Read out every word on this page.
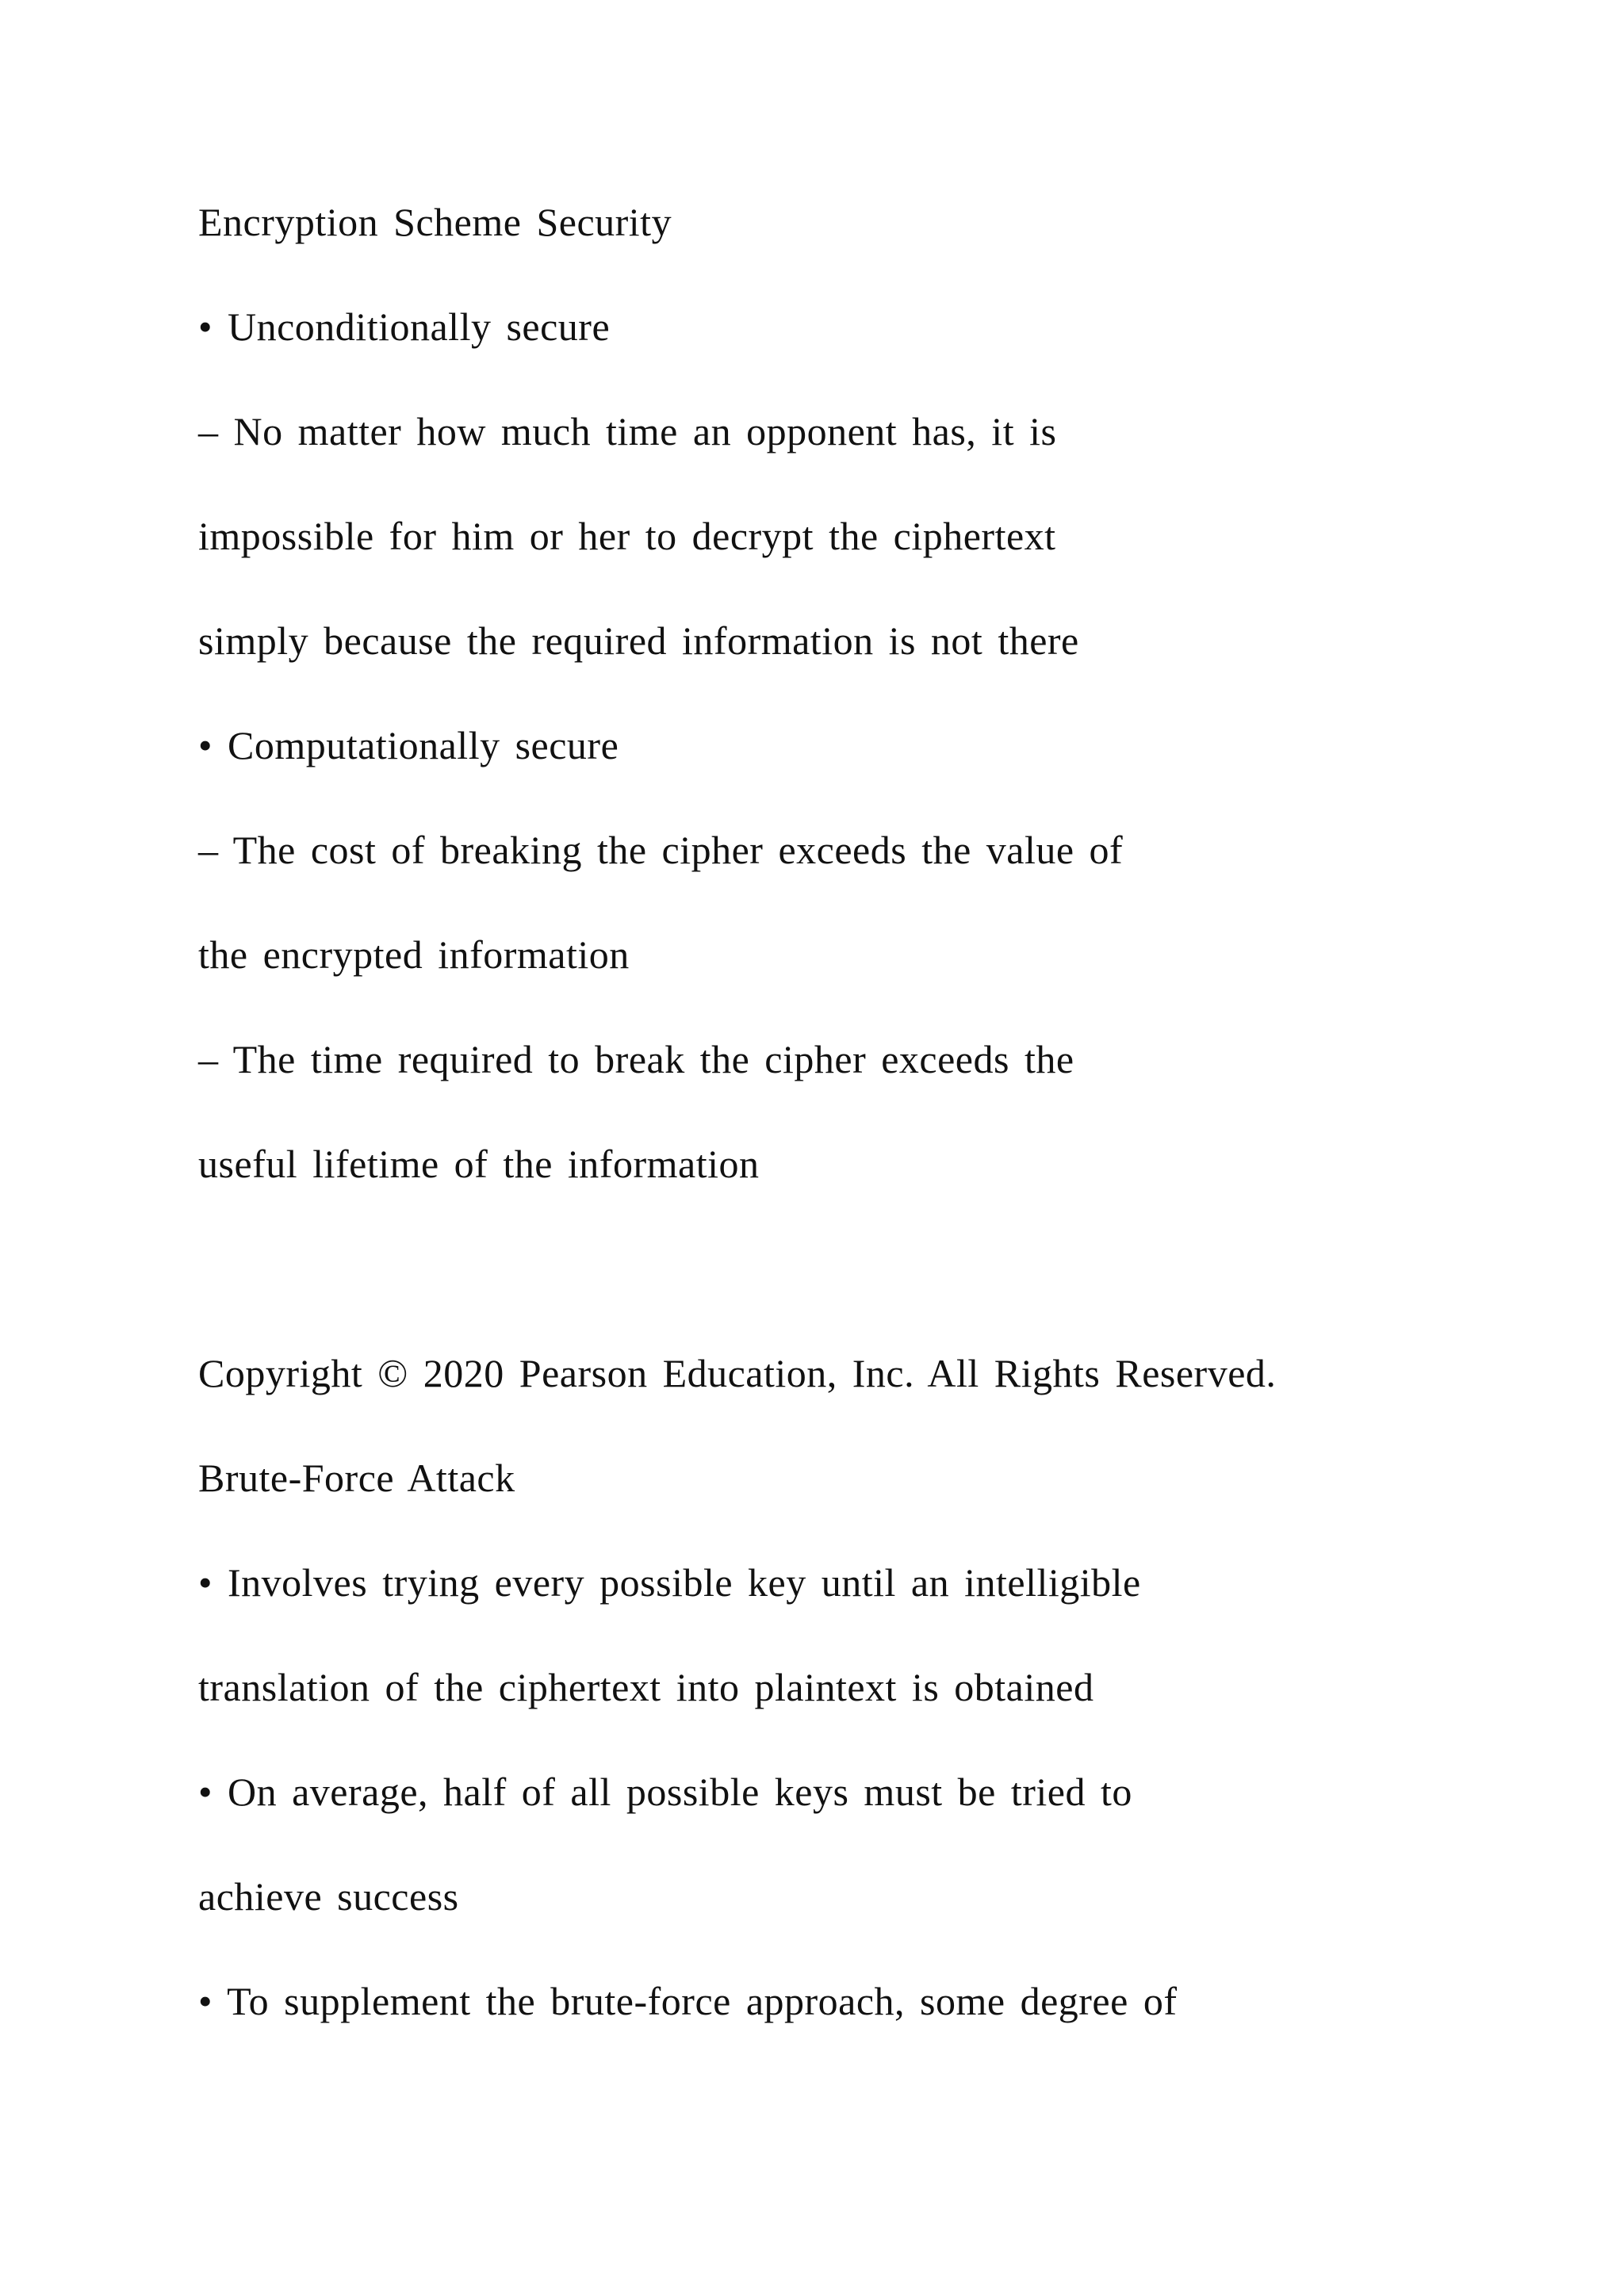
Encryption Scheme Security

• Unconditionally secure

– No matter how much time an opponent has, it is

impossible for him or her to decrypt the ciphertext

simply because the required information is not there

• Computationally secure

– The cost of breaking the cipher exceeds the value of

the encrypted information

– The time required to break the cipher exceeds the

useful lifetime of the information

Copyright © 2020 Pearson Education, Inc. All Rights Reserved.

Brute-Force Attack

• Involves trying every possible key until an intelligible

translation of the ciphertext into plaintext is obtained

• On average, half of all possible keys must be tried to

achieve success

• To supplement the brute-force approach, some degree of
